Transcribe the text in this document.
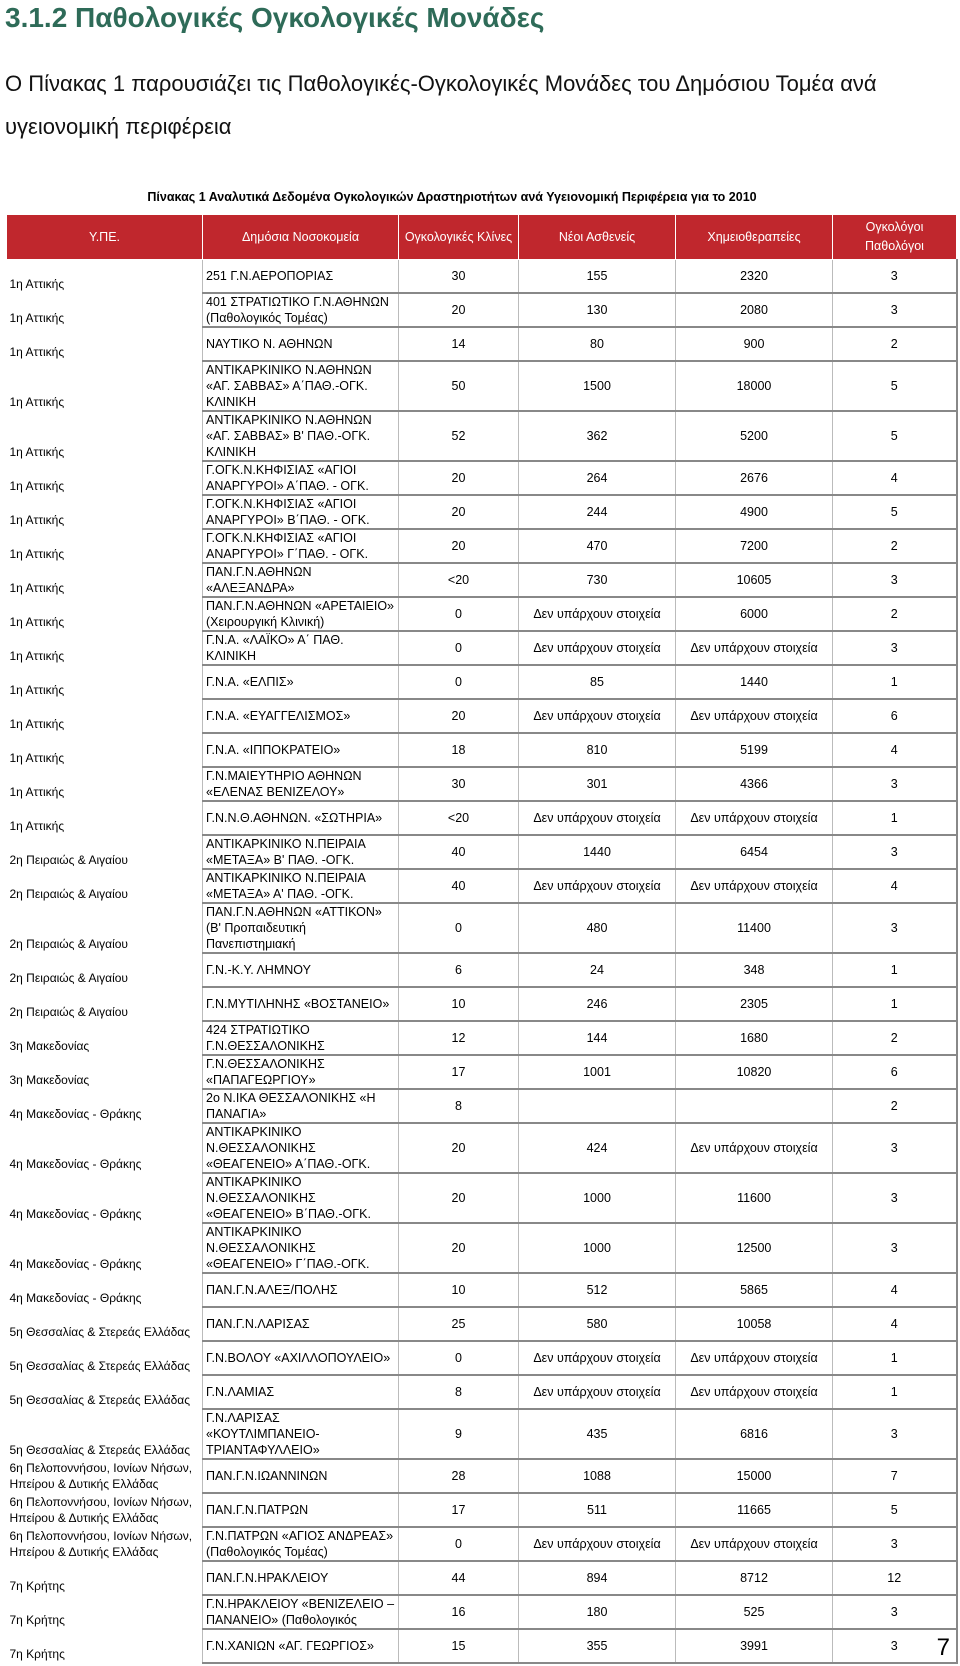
3.1.2 Παθολογικές Ογκολογικές Μονάδες

Ο Πίνακας 1 παρουσιάζει τις Παθολογικές-Ογκολογικές Μονάδες του Δημόσιου Τομέα ανά υγειονομική περιφέρεια

Πίνακας 1 Αναλυτικά Δεδομένα Ογκολογικών Δραστηριοτήτων ανά Υγειονομική Περιφέρεια για το 2010
Υ.ΠΕ.	Δημόσια Νοσοκομεία	Ογκολογικές Κλίνες	Νέοι Ασθενείς	Χημειοθεραπείες	Ογκολόγοι Παθολόγοι
1η Αττικής	251 Γ.Ν.ΑΕΡΟΠΟΡΙΑΣ	30	155	2320	3
1η Αττικής	401 ΣΤΡΑΤΙΩΤΙΚΟ Γ.Ν.ΑΘΗΝΩΝ (Παθολογικός Τομέας)	20	130	2080	3
1η Αττικής	ΝΑΥΤΙΚΟ Ν. ΑΘΗΝΩΝ	14	80	900	2
1η Αττικής	ΑΝΤΙΚΑΡΚΙΝΙΚΟ Ν.ΑΘΗΝΩΝ «ΑΓ. ΣΑΒΒΑΣ» Α΄ΠΑΘ.-ΟΓΚ. ΚΛΙΝΙΚΗ	50	1500	18000	5
1η Αττικής	ΑΝΤΙΚΑΡΚΙΝΙΚΟ Ν.ΑΘΗΝΩΝ «ΑΓ. ΣΑΒΒΑΣ» Β' ΠΑΘ.-ΟΓΚ. ΚΛΙΝΙΚΗ	52	362	5200	5
1η Αττικής	Γ.ΟΓΚ.Ν.ΚΗΦΙΣΙΑΣ «ΑΓΙΟΙ ΑΝΑΡΓΥΡΟΙ» Α΄ΠΑΘ. - ΟΓΚ.	20	264	2676	4
1η Αττικής	Γ.ΟΓΚ.Ν.ΚΗΦΙΣΙΑΣ «ΑΓΙΟΙ ΑΝΑΡΓΥΡΟΙ» Β΄ΠΑΘ. - ΟΓΚ.	20	244	4900	5
1η Αττικής	Γ.ΟΓΚ.Ν.ΚΗΦΙΣΙΑΣ «ΑΓΙΟΙ ΑΝΑΡΓΥΡΟΙ» Γ΄ΠΑΘ. - ΟΓΚ.	20	470	7200	2
1η Αττικής	ΠΑΝ.Γ.Ν.ΑΘΗΝΩΝ «ΑΛΕΞΑΝΔΡΑ»	<20	730	10605	3
1η Αττικής	ΠΑΝ.Γ.Ν.ΑΘΗΝΩΝ «ΑΡΕΤΑΙΕΙΟ» (Χειρουργική Κλινική)	0	Δεν υπάρχουν στοιχεία	6000	2
1η Αττικής	Γ.Ν.Α. «ΛΑΪΚΟ» Α΄ ΠΑΘ. ΚΛΙΝΙΚΗ	0	Δεν υπάρχουν στοιχεία	Δεν υπάρχουν στοιχεία	3
1η Αττικής	Γ.Ν.Α. «ΕΛΠΙΣ»	0	85	1440	1
1η Αττικής	Γ.Ν.Α. «ΕΥΑΓΓΕΛΙΣΜΟΣ»	20	Δεν υπάρχουν στοιχεία	Δεν υπάρχουν στοιχεία	6
1η Αττικής	Γ.Ν.Α. «ΙΠΠΟΚΡΑΤΕΙΟ»	18	810	5199	4
1η Αττικής	Γ.Ν.ΜΑΙΕΥΤΗΡΙΟ ΑΘΗΝΩΝ «ΕΛΕΝΑΣ ΒΕΝΙΖΕΛΟΥ»	30	301	4366	3
1η Αττικής	Γ.Ν.Ν.Θ.ΑΘΗΝΩΝ. «ΣΩΤΗΡΙΑ»	<20	Δεν υπάρχουν στοιχεία	Δεν υπάρχουν στοιχεία	1
2η Πειραιώς & Αιγαίου	ΑΝΤΙΚΑΡΚΙΝΙΚΟ Ν.ΠΕΙΡΑΙΑ «ΜΕΤΑΞΑ» Β' ΠΑΘ. -ΟΓΚ.	40	1440	6454	3
2η Πειραιώς & Αιγαίου	ΑΝΤΙΚΑΡΚΙΝΙΚΟ Ν.ΠΕΙΡΑΙΑ «ΜΕΤΑΞΑ» Α' ΠΑΘ. -ΟΓΚ.	40	Δεν υπάρχουν στοιχεία	Δεν υπάρχουν στοιχεία	4
2η Πειραιώς & Αιγαίου	ΠΑΝ.Γ.Ν.ΑΘΗΝΩΝ «ΑΤΤΙΚΟΝ» (Β' Προπαιδευτική Πανεπιστημιακή	0	480	11400	3
2η Πειραιώς & Αιγαίου	Γ.Ν.-Κ.Υ. ΛΗΜΝΟΥ	6	24	348	1
2η Πειραιώς & Αιγαίου	Γ.Ν.ΜΥΤΙΛΗΝΗΣ «ΒΟΣΤΑΝΕΙΟ»	10	246	2305	1
3η Μακεδονίας	424 ΣΤΡΑΤΙΩΤΙΚΟ Γ.Ν.ΘΕΣΣΑΛΟΝΙΚΗΣ	12	144	1680	2
3η Μακεδονίας	Γ.Ν.ΘΕΣΣΑΛΟΝΙΚΗΣ «ΠΑΠΑΓΕΩΡΓΙΟΥ»	17	1001	10820	6
4η Μακεδονίας - Θράκης	2ο Ν.ΙΚΑ ΘΕΣΣΑΛΟΝΙΚΗΣ «Η ΠΑΝΑΓΙΑ»	8			2
4η Μακεδονίας - Θράκης	ΑΝΤΙΚΑΡΚΙΝΙΚΟ Ν.ΘΕΣΣΑΛΟΝΙΚΗΣ «ΘΕΑΓΕΝΕΙΟ» Α΄ΠΑΘ.-ΟΓΚ.	20	424	Δεν υπάρχουν στοιχεία	3
4η Μακεδονίας - Θράκης	ΑΝΤΙΚΑΡΚΙΝΙΚΟ Ν.ΘΕΣΣΑΛΟΝΙΚΗΣ «ΘΕΑΓΕΝΕΙΟ» Β΄ΠΑΘ.-ΟΓΚ.	20	1000	11600	3
4η Μακεδονίας - Θράκης	ΑΝΤΙΚΑΡΚΙΝΙΚΟ Ν.ΘΕΣΣΑΛΟΝΙΚΗΣ «ΘΕΑΓΕΝΕΙΟ» Γ΄ΠΑΘ.-ΟΓΚ.	20	1000	12500	3
4η Μακεδονίας - Θράκης	ΠΑΝ.Γ.Ν.ΑΛΕΞ/ΠΟΛΗΣ	10	512	5865	4
5η Θεσσαλίας & Στερεάς Ελλάδας	ΠΑΝ.Γ.Ν.ΛΑΡΙΣΑΣ	25	580	10058	4
5η Θεσσαλίας & Στερεάς Ελλάδας	Γ.Ν.ΒΟΛΟΥ «ΑΧΙΛΛΟΠΟΥΛΕΙΟ»	0	Δεν υπάρχουν στοιχεία	Δεν υπάρχουν στοιχεία	1
5η Θεσσαλίας & Στερεάς Ελλάδας	Γ.Ν.ΛΑΜΙΑΣ	8	Δεν υπάρχουν στοιχεία	Δεν υπάρχουν στοιχεία	1
5η Θεσσαλίας & Στερεάς Ελλάδας	Γ.Ν.ΛΑΡΙΣΑΣ «ΚΟΥΤΛΙΜΠΑΝΕΙΟ-ΤΡΙΑΝΤΑΦΥΛΛΕΙΟ»	9	435	6816	3
6η Πελοποννήσου, Ιονίων Νήσων, Ηπείρου & Δυτικής Ελλάδας	ΠΑΝ.Γ.Ν.ΙΩΑΝΝΙΝΩΝ	28	1088	15000	7
6η Πελοποννήσου, Ιονίων Νήσων, Ηπείρου & Δυτικής Ελλάδας	ΠΑΝ.Γ.Ν.ΠΑΤΡΩΝ	17	511	11665	5
6η Πελοποννήσου, Ιονίων Νήσων, Ηπείρου & Δυτικής Ελλάδας	Γ.Ν.ΠΑΤΡΩΝ «ΑΓΙΟΣ ΑΝΔΡΕΑΣ» (Παθολογικός Τομέας)	0	Δεν υπάρχουν στοιχεία	Δεν υπάρχουν στοιχεία	3
7η Κρήτης	ΠΑΝ.Γ.Ν.ΗΡΑΚΛΕΙΟΥ	44	894	8712	12
7η Κρήτης	Γ.Ν.ΗΡΑΚΛΕΙΟΥ «ΒΕΝΙΖΕΛΕΙΟ – ΠΑΝΑΝΕΙΟ» (Παθολογικός	16	180	525	3
7η Κρήτης	Γ.Ν.ΧΑΝΙΩΝ «ΑΓ. ΓΕΩΡΓΙΟΣ»	15	355	3991	3 7
